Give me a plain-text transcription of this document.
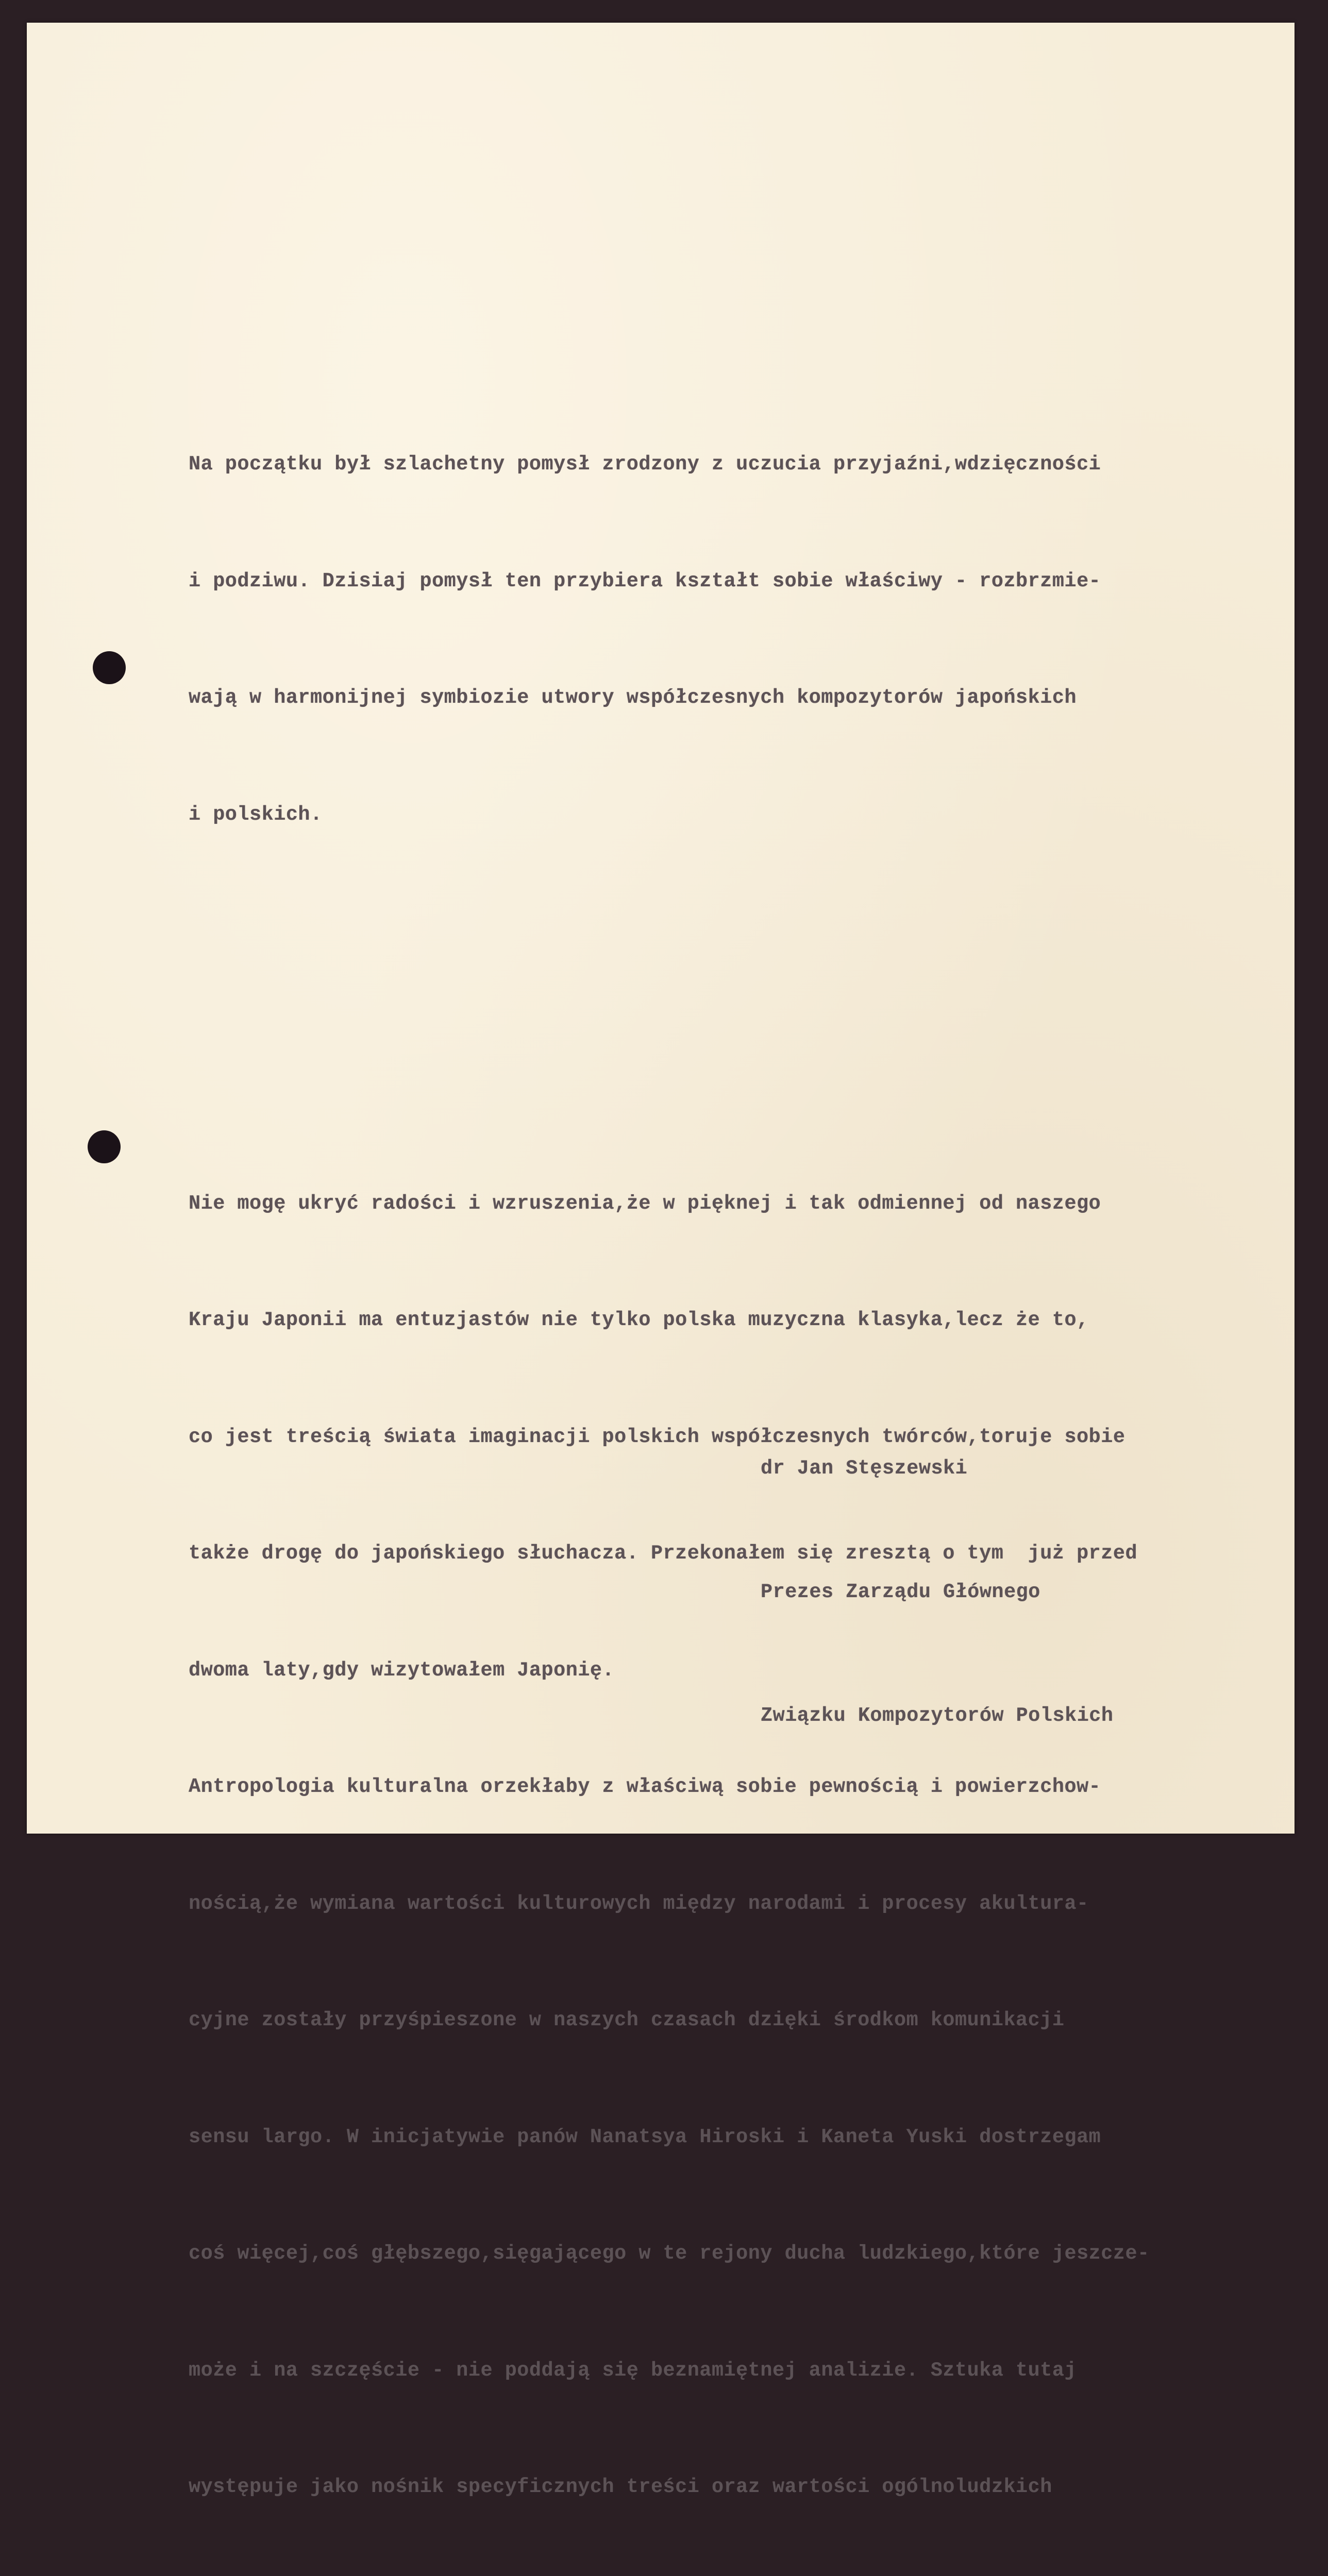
Na początku był szlachetny pomysł zrodzony z uczucia przyjaźni,wdzięczności

i podziwu. Dzisiaj pomysł ten przybiera kształt sobie właściwy - rozbrzmie-

wają w harmonijnej symbiozie utwory współczesnych kompozytorów japońskich

i polskich.

Nie mogę ukryć radości i wzruszenia,że w pięknej i tak odmiennej od naszego

Kraju Japonii ma entuzjastów nie tylko polska muzyczna klasyka,lecz że to,

co jest treścią świata imaginacji polskich współczesnych twórców,toruje sobie

także drogę do japońskiego słuchacza. Przekonałem się zresztą o tym  już przed

dwoma laty,gdy wizytowałem Japonię.

Antropologia kulturalna orzekłaby z właściwą sobie pewnością i powierzchow-

nością,że wymiana wartości kulturowych między narodami i procesy akultura-

cyjne zostały przyśpieszone w naszych czasach dzięki środkom komunikacji

sensu largo. W inicjatywie panów Nanatsya Hiroski i Kaneta Yuski dostrzegam

coś więcej,coś głębszego,sięgającego w te rejony ducha ludzkiego,które jeszcze-

może i na szczęście - nie poddają się beznamiętnej analizie. Sztuka tutaj

występuje jako nośnik specyficznych treści oraz wartości ogólnoludzkich

dr Jan Stęszewski

Prezes Zarządu Głównego

Związku Kompozytorów Polskich
